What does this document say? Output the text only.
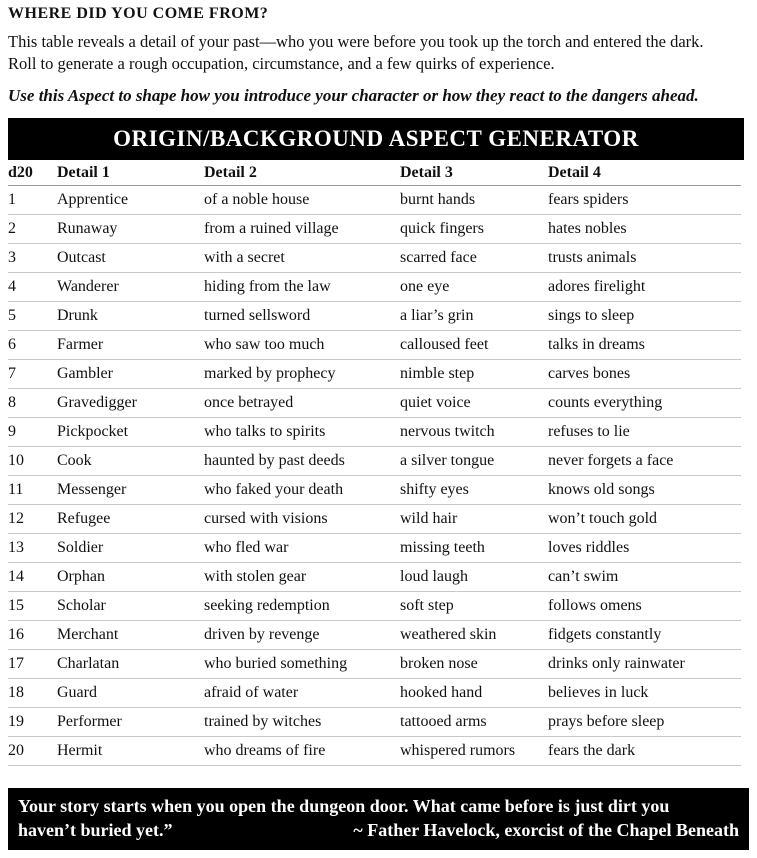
WHERE DID YOU COME FROM?

This table reveals a detail of your past—who you were before you took up the torch and entered the dark.

Roll to generate a rough occupation, circumstance, and a few quirks of experience.

Use this Aspect to shape how you introduce your character or how they react to the dangers ahead.
ORIGIN/BACKGROUND ASPECT GENERATOR
d20	Detail 1	Detail 2	Detail 3	Detail 4
1	Apprentice	of a noble house	burnt hands	fears spiders
2	Runaway	from a ruined village	quick fingers	hates nobles
3	Outcast	with a secret	scarred face	trusts animals
4	Wanderer	hiding from the law	one eye	adores firelight
5	Drunk	turned sellsword	a liar’s grin	sings to sleep
6	Farmer	who saw too much	calloused feet	talks in dreams
7	Gambler	marked by prophecy	nimble step	carves bones
8	Gravedigger	once betrayed	quiet voice	counts everything
9	Pickpocket	who talks to spirits	nervous twitch	refuses to lie
10	Cook	haunted by past deeds	a silver tongue	never forgets a face
11	Messenger	who faked your death	shifty eyes	knows old songs
12	Refugee	cursed with visions	wild hair	won’t touch gold
13	Soldier	who fled war	missing teeth	loves riddles
14	Orphan	with stolen gear	loud laugh	can’t swim
15	Scholar	seeking redemption	soft step	follows omens
16	Merchant	driven by revenge	weathered skin	fidgets constantly
17	Charlatan	who buried something	broken nose	drinks only rainwater
18	Guard	afraid of water	hooked hand	believes in luck
19	Performer	trained by witches	tattooed arms	prays before sleep
20	Hermit	who dreams of fire	whispered rumors	fears the dark
Your story starts when you open the dungeon door. What came before is just dirt you
haven’t buried yet.”	~ Father Havelock, exorcist of the Chapel Beneath
